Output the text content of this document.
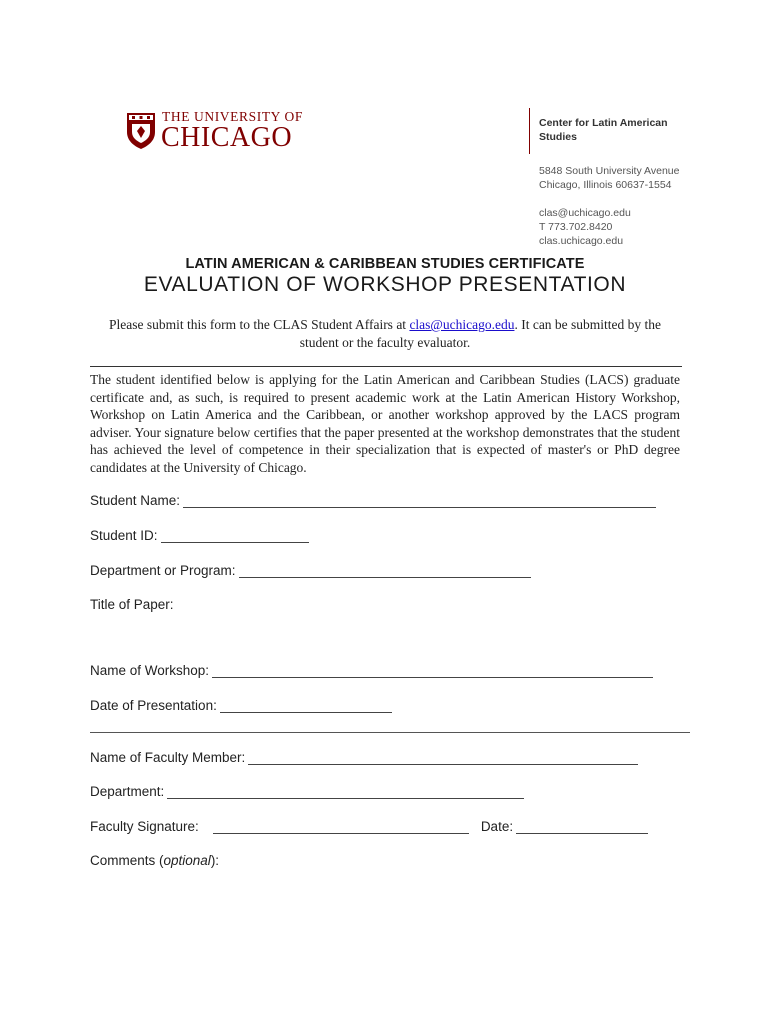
THE UNIVERSITY OF
CHICAGO	Center for Latin American
Studies
5848 South University Avenue
Chicago, Illinois 60637-1554
clas@uchicago.edu
T 773.702.8420
clas.uchicago.edu
LATIN AMERICAN & CARIBBEAN STUDIES CERTIFICATE
EVALUATION OF WORKSHOP PRESENTATION
Please submit this form to the CLAS Student Affairs at clas@uchicago.edu. It can be submitted by the student or the faculty evaluator.
The student identified below is applying for the Latin American and Caribbean Studies (LACS) graduate certificate and, as such, is required to present academic work at the Latin American History Workshop, Workshop on Latin America and the Caribbean, or another workshop approved by the LACS program adviser. Your signature below certifies that the paper presented at the workshop demonstrates that the student has achieved the level of competence in their specialization that is expected of master's or PhD degree candidates at the University of Chicago.
Student Name:
Student ID:
Department or Program:
Title of Paper:
Name of Workshop:
Date of Presentation:
Name of Faculty Member:
Department:
Faculty Signature:	Date:
Comments (optional):
